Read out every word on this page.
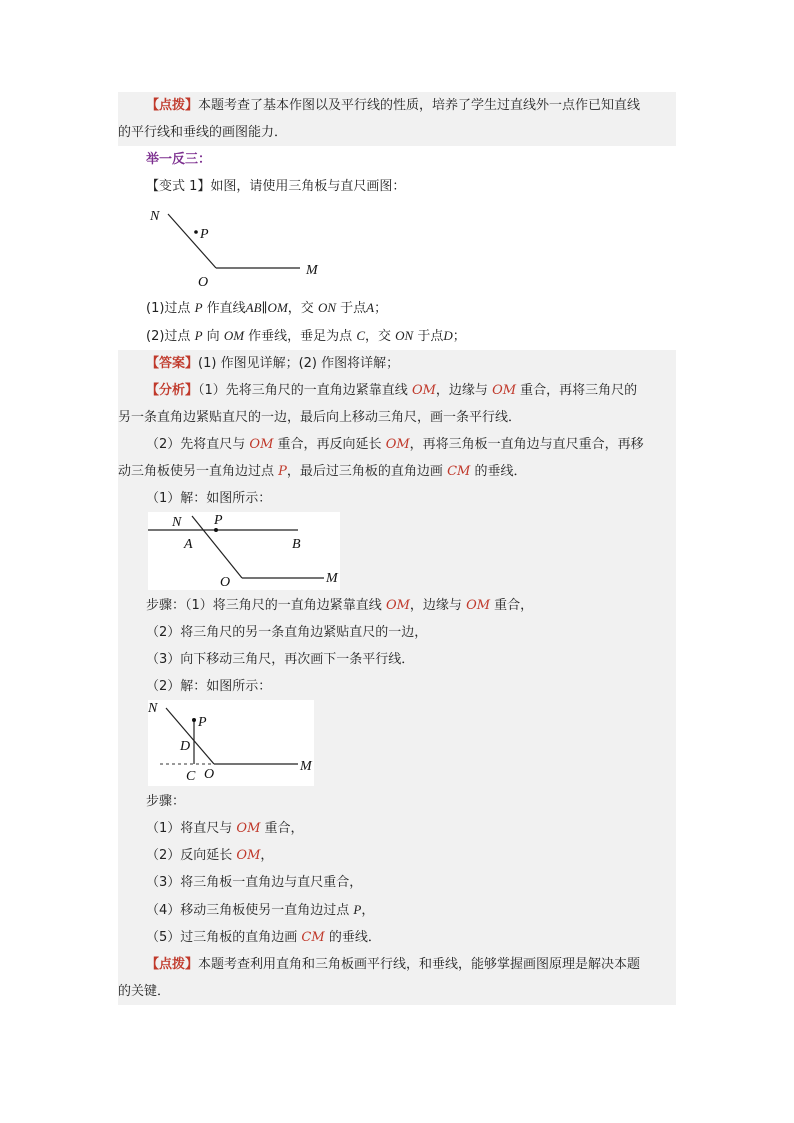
【点拨】本题考查了基本作图以及平行线的性质，培养了学生过直线外一点作已知直线
的平行线和垂线的画图能力．
举一反三：
【变式 1】如图，请使用三角板与直尺画图：
N
P
O
M
(1)过点 P 作直线AB∥OM，交 ON 于点A；
(2)过点 P 向 OM 作垂线，垂足为点 C，交 ON 于点D；
【答案】(1) 作图见详解；(2) 作图将详解；
【分析】（1）先将三角尺的一直角边紧靠直线 OM，边缘与 OM 重合，再将三角尺的
另一条直角边紧贴直尺的一边，最后向上移动三角尺，画一条平行线．
（2）先将直尺与 OM 重合，再反向延长 OM，再将三角板一直角边与直尺重合，再移
动三角板使另一直角边过点 P，最后过三角板的直角边画 CM 的垂线．
（1）解：如图所示：
N P
A	B
O	M
步骤：（1）将三角尺的一直角边紧靠直线 OM，边缘与 OM 重合，
（2）将三角尺的另一条直角边紧贴直尺的一边，
（3）向下移动三角尺，再次画下一条平行线．
（2）解：如图所示：
N
P
D
C O
M
步骤：
（1）将直尺与 OM 重合，
（2）反向延长 OM，
（3）将三角板一直角边与直尺重合，
（4）移动三角板使另一直角边过点 P，
（5）过三角板的直角边画 CM 的垂线．
【点拨】本题考查利用直角和三角板画平行线，和垂线，能够掌握画图原理是解决本题
的关键．
